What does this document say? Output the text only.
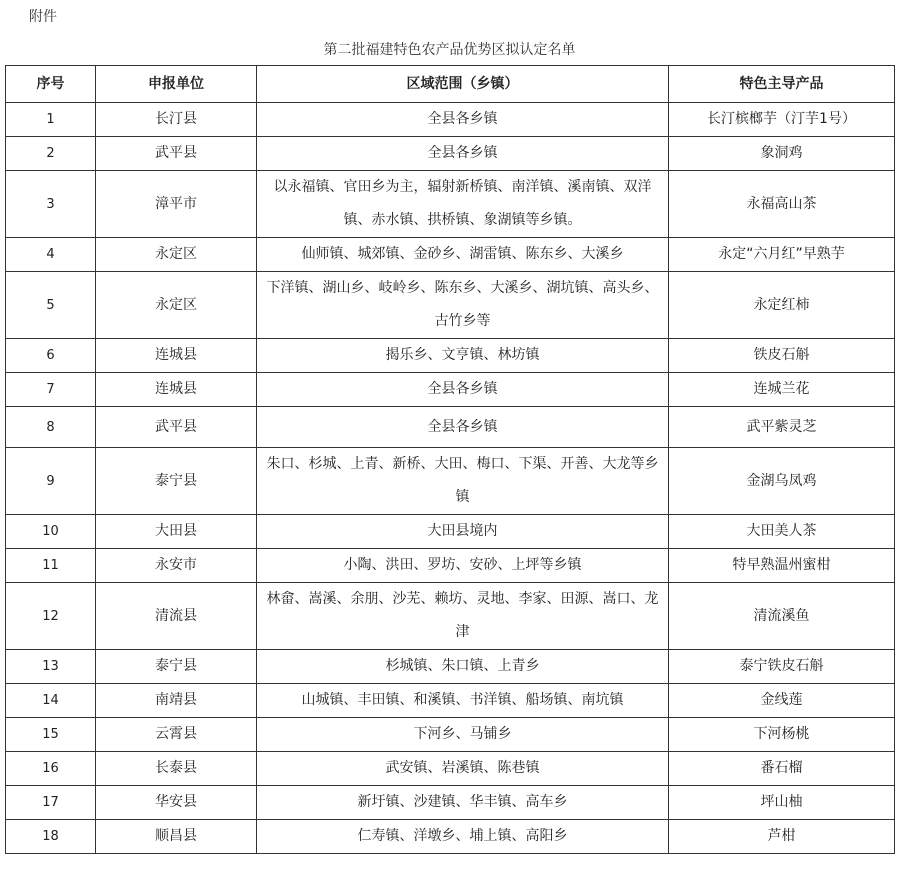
附件
第二批福建特色农产品优势区拟认定名单
序号	申报单位	区域范围（乡镇）	特色主导产品
1	长汀县	全县各乡镇	长汀槟榔芋（汀芋1号）
2	武平县	全县各乡镇	象洞鸡
3	漳平市	以永福镇、官田乡为主，辐射新桥镇、南洋镇、溪南镇、双洋镇、赤水镇、拱桥镇、象湖镇等乡镇。	永福高山茶
4	永定区	仙师镇、城郊镇、金砂乡、湖雷镇、陈东乡、大溪乡	永定“六月红”早熟芋
5	永定区	下洋镇、湖山乡、岐岭乡、陈东乡、大溪乡、湖坑镇、高头乡、古竹乡等	永定红柿
6	连城县	揭乐乡、文亨镇、林坊镇	铁皮石斛
7	连城县	全县各乡镇	连城兰花
8	武平县	全县各乡镇	武平紫灵芝
9	泰宁县	朱口、杉城、上青、新桥、大田、梅口、下渠、开善、大龙等乡镇	金湖乌凤鸡
10	大田县	大田县境内	大田美人茶
11	永安市	小陶、洪田、罗坊、安砂、上坪等乡镇	特早熟温州蜜柑
12	清流县	林畲、嵩溪、余朋、沙芜、赖坊、灵地、李家、田源、嵩口、龙津	清流溪鱼
13	泰宁县	杉城镇、朱口镇、上青乡	泰宁铁皮石斛
14	南靖县	山城镇、丰田镇、和溪镇、书洋镇、船场镇、南坑镇	金线莲
15	云霄县	下河乡、马铺乡	下河杨桃
16	长泰县	武安镇、岩溪镇、陈巷镇	番石榴
17	华安县	新圩镇、沙建镇、华丰镇、高车乡	坪山柚
18	顺昌县	仁寿镇、洋墩乡、埔上镇、高阳乡	芦柑
